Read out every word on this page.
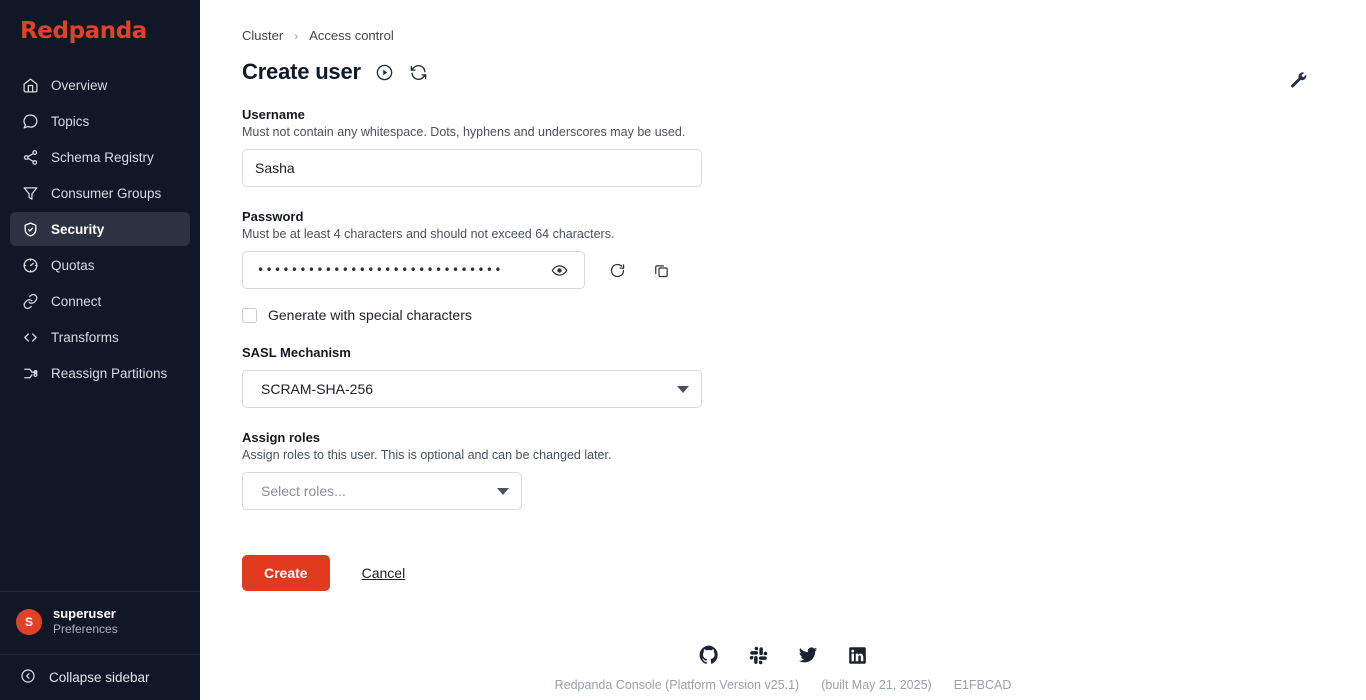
Redpanda
Overview
Topics
Schema Registry
Consumer Groups
Security
Quotas
Connect
Transforms
Reassign Partitions
S
superuser
Preferences
Collapse sidebar
Cluster › Access control
Create user
Username
Must not contain any whitespace. Dots, hyphens and underscores may be used.
Sasha
Password
Must be at least 4 characters and should not exceed 64 characters.
•••••••••••••••••••••••••••••
Generate with special characters
SASL Mechanism
SCRAM-SHA-256
Assign roles
Assign roles to this user. This is optional and can be changed later.
Select roles...
Create	Cancel
Redpanda Console (Platform Version v25.1) (built May 21, 2025) E1FBCAD
